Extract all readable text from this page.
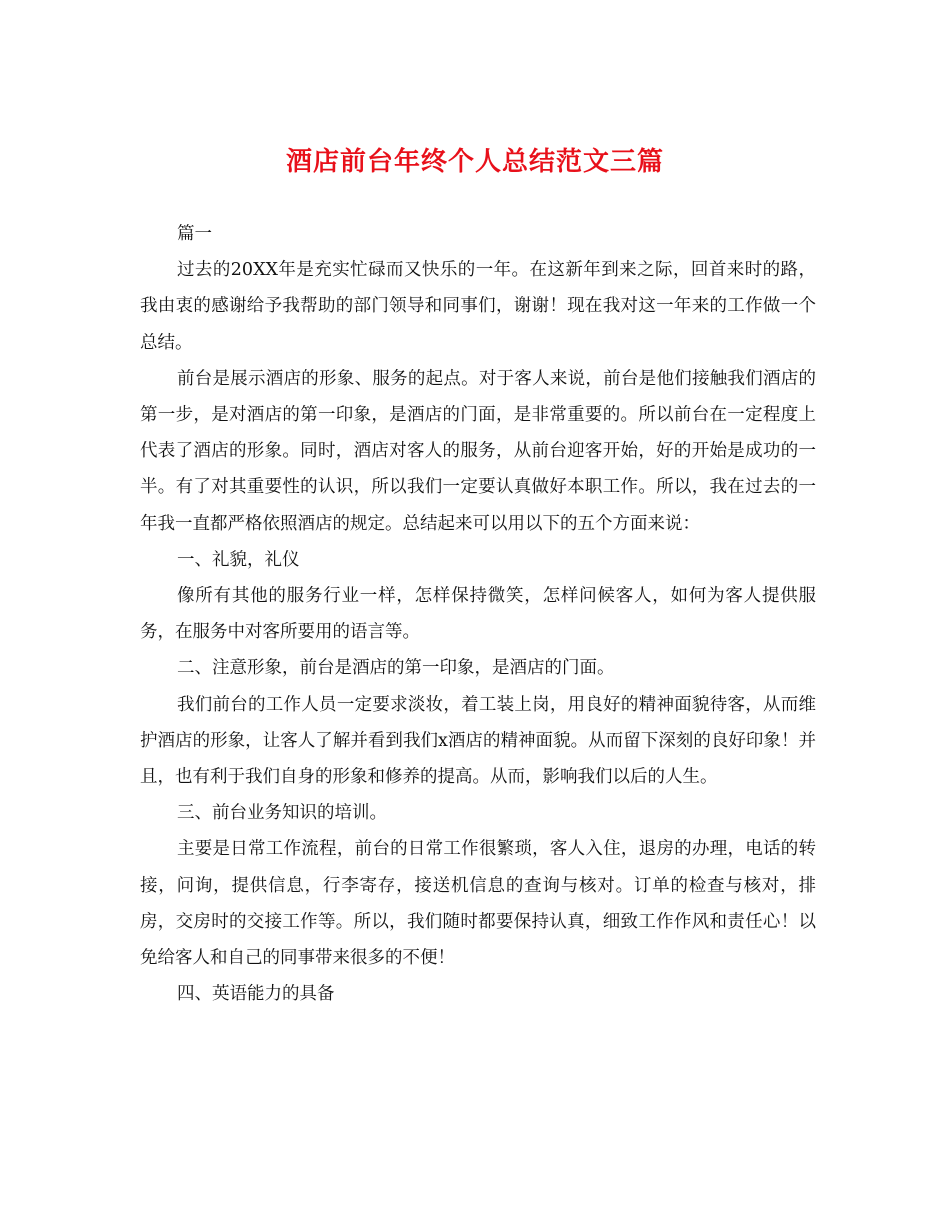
酒店前台年终个人总结范文三篇

篇一

过去的20XX年是充实忙碌而又快乐的一年。在这新年到来之际，回首来时的路，我由衷的感谢给予我帮助的部门领导和同事们，谢谢！现在我对这一年来的工作做一个总结。

前台是展示酒店的形象、服务的起点。对于客人来说，前台是他们接触我们酒店的第一步，是对酒店的第一印象，是酒店的门面，是非常重要的。所以前台在一定程度上代表了酒店的形象。同时，酒店对客人的服务，从前台迎客开始，好的开始是成功的一半。有了对其重要性的认识，所以我们一定要认真做好本职工作。所以，我在过去的一年我一直都严格依照酒店的规定。总结起来可以用以下的五个方面来说：

一、礼貌，礼仪

像所有其他的服务行业一样，怎样保持微笑，怎样问候客人，如何为客人提供服务，在服务中对客所要用的语言等。

二、注意形象，前台是酒店的第一印象，是酒店的门面。

我们前台的工作人员一定要求淡妆，着工装上岗，用良好的精神面貌待客，从而维护酒店的形象，让客人了解并看到我们x酒店的精神面貌。从而留下深刻的良好印象！并且，也有利于我们自身的形象和修养的提高。从而，影响我们以后的人生。

三、前台业务知识的培训。

主要是日常工作流程，前台的日常工作很繁琐，客人入住，退房的办理，电话的转接，问询，提供信息，行李寄存，接送机信息的查询与核对。订单的检查与核对，排房，交房时的交接工作等。所以，我们随时都要保持认真，细致工作作风和责任心！以免给客人和自己的同事带来很多的不便！

四、英语能力的具备
